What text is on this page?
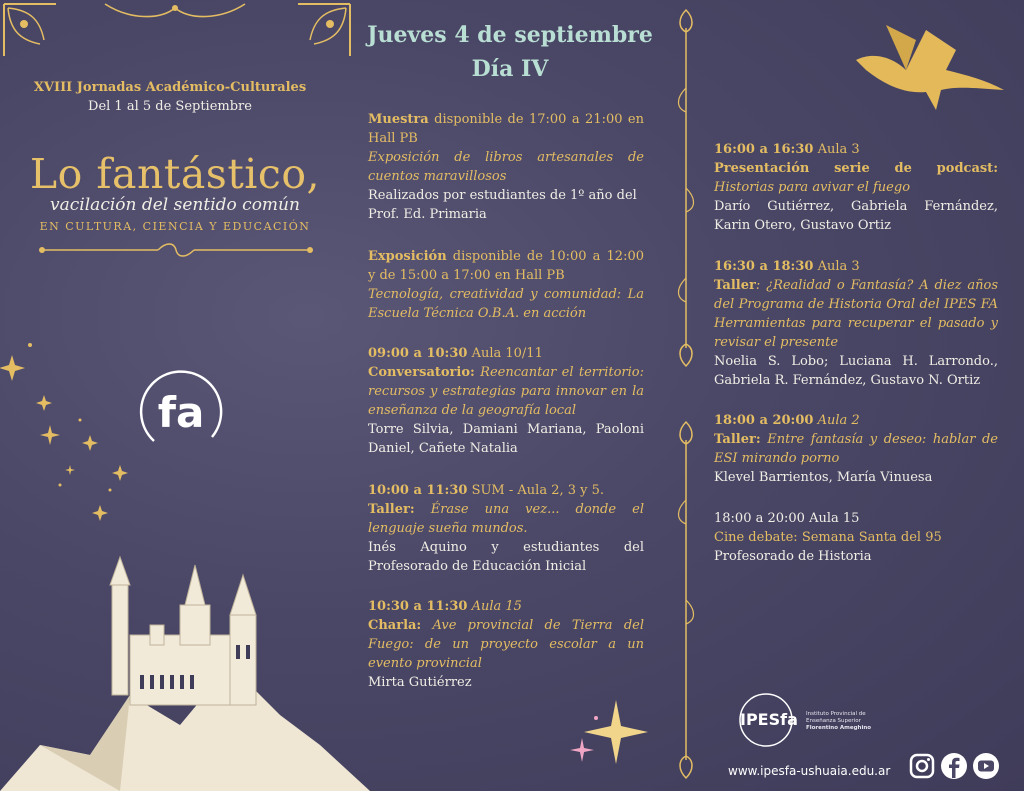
XVIII Jornadas Académico-Culturales
Del 1 al 5 de Septiembre
Lo fantástico,
vacilación del sentido común
EN CULTURA, CIENCIA Y EDUCACIÓN
fa
Jueves 4 de septiembre
Día IV

Muestra disponible de 17:00 a 21:00 en Hall PB

Exposición de libros artesanales de cuentos maravillosos

Realizados por estudiantes de 1º año del Prof. Ed. Primaria

Exposición disponible de 10:00 a 12:00 y de 15:00 a 17:00 en Hall PB

Tecnología, creatividad y comunidad: La Escuela Técnica O.B.A. en acción

09:00 a 10:30 Aula 10/11

Conversatorio: Reencantar el territorio: recursos y estrategias para innovar en la enseñanza de la geografía local

Torre Silvia, Damiani Mariana, Paoloni Daniel, Cañete Natalia

10:00 a 11:30 SUM - Aula 2, 3 y 5.

Taller: Érase una vez... donde el lenguaje sueña mundos.

Inés Aquino y estudiantes del Profesorado de Educación Inicial

10:30 a 11:30 Aula 15

Charla: Ave provincial de Tierra del Fuego: de un proyecto escolar a un evento provincial

Mirta Gutiérrez

16:00 a 16:30 Aula 3

Presentación serie de podcast: Historias para avivar el fuego

Darío Gutiérrez, Gabriela Fernández, Karin Otero, Gustavo Ortiz

16:30 a 18:30 Aula 3

Taller: ¿Realidad o Fantasía? A diez años del Programa de Historia Oral del IPES FA Herramientas para recuperar el pasado y revisar el presente

Noelia S. Lobo; Luciana H. Larrondo., Gabriela R. Fernández, Gustavo N. Ortiz

18:00 a 20:00 Aula 2

Taller: Entre fantasía y deseo: hablar de ESI mirando porno

Klevel Barrientos, María Vinuesa

18:00 a 20:00 Aula 15

Cine debate: Semana Santa del 95

Profesorado de Historia

IPESfa Instituto Provincial de
Enseñanza Superior
Florentino Ameghino
www.ipesfa-ushuaia.edu.ar
